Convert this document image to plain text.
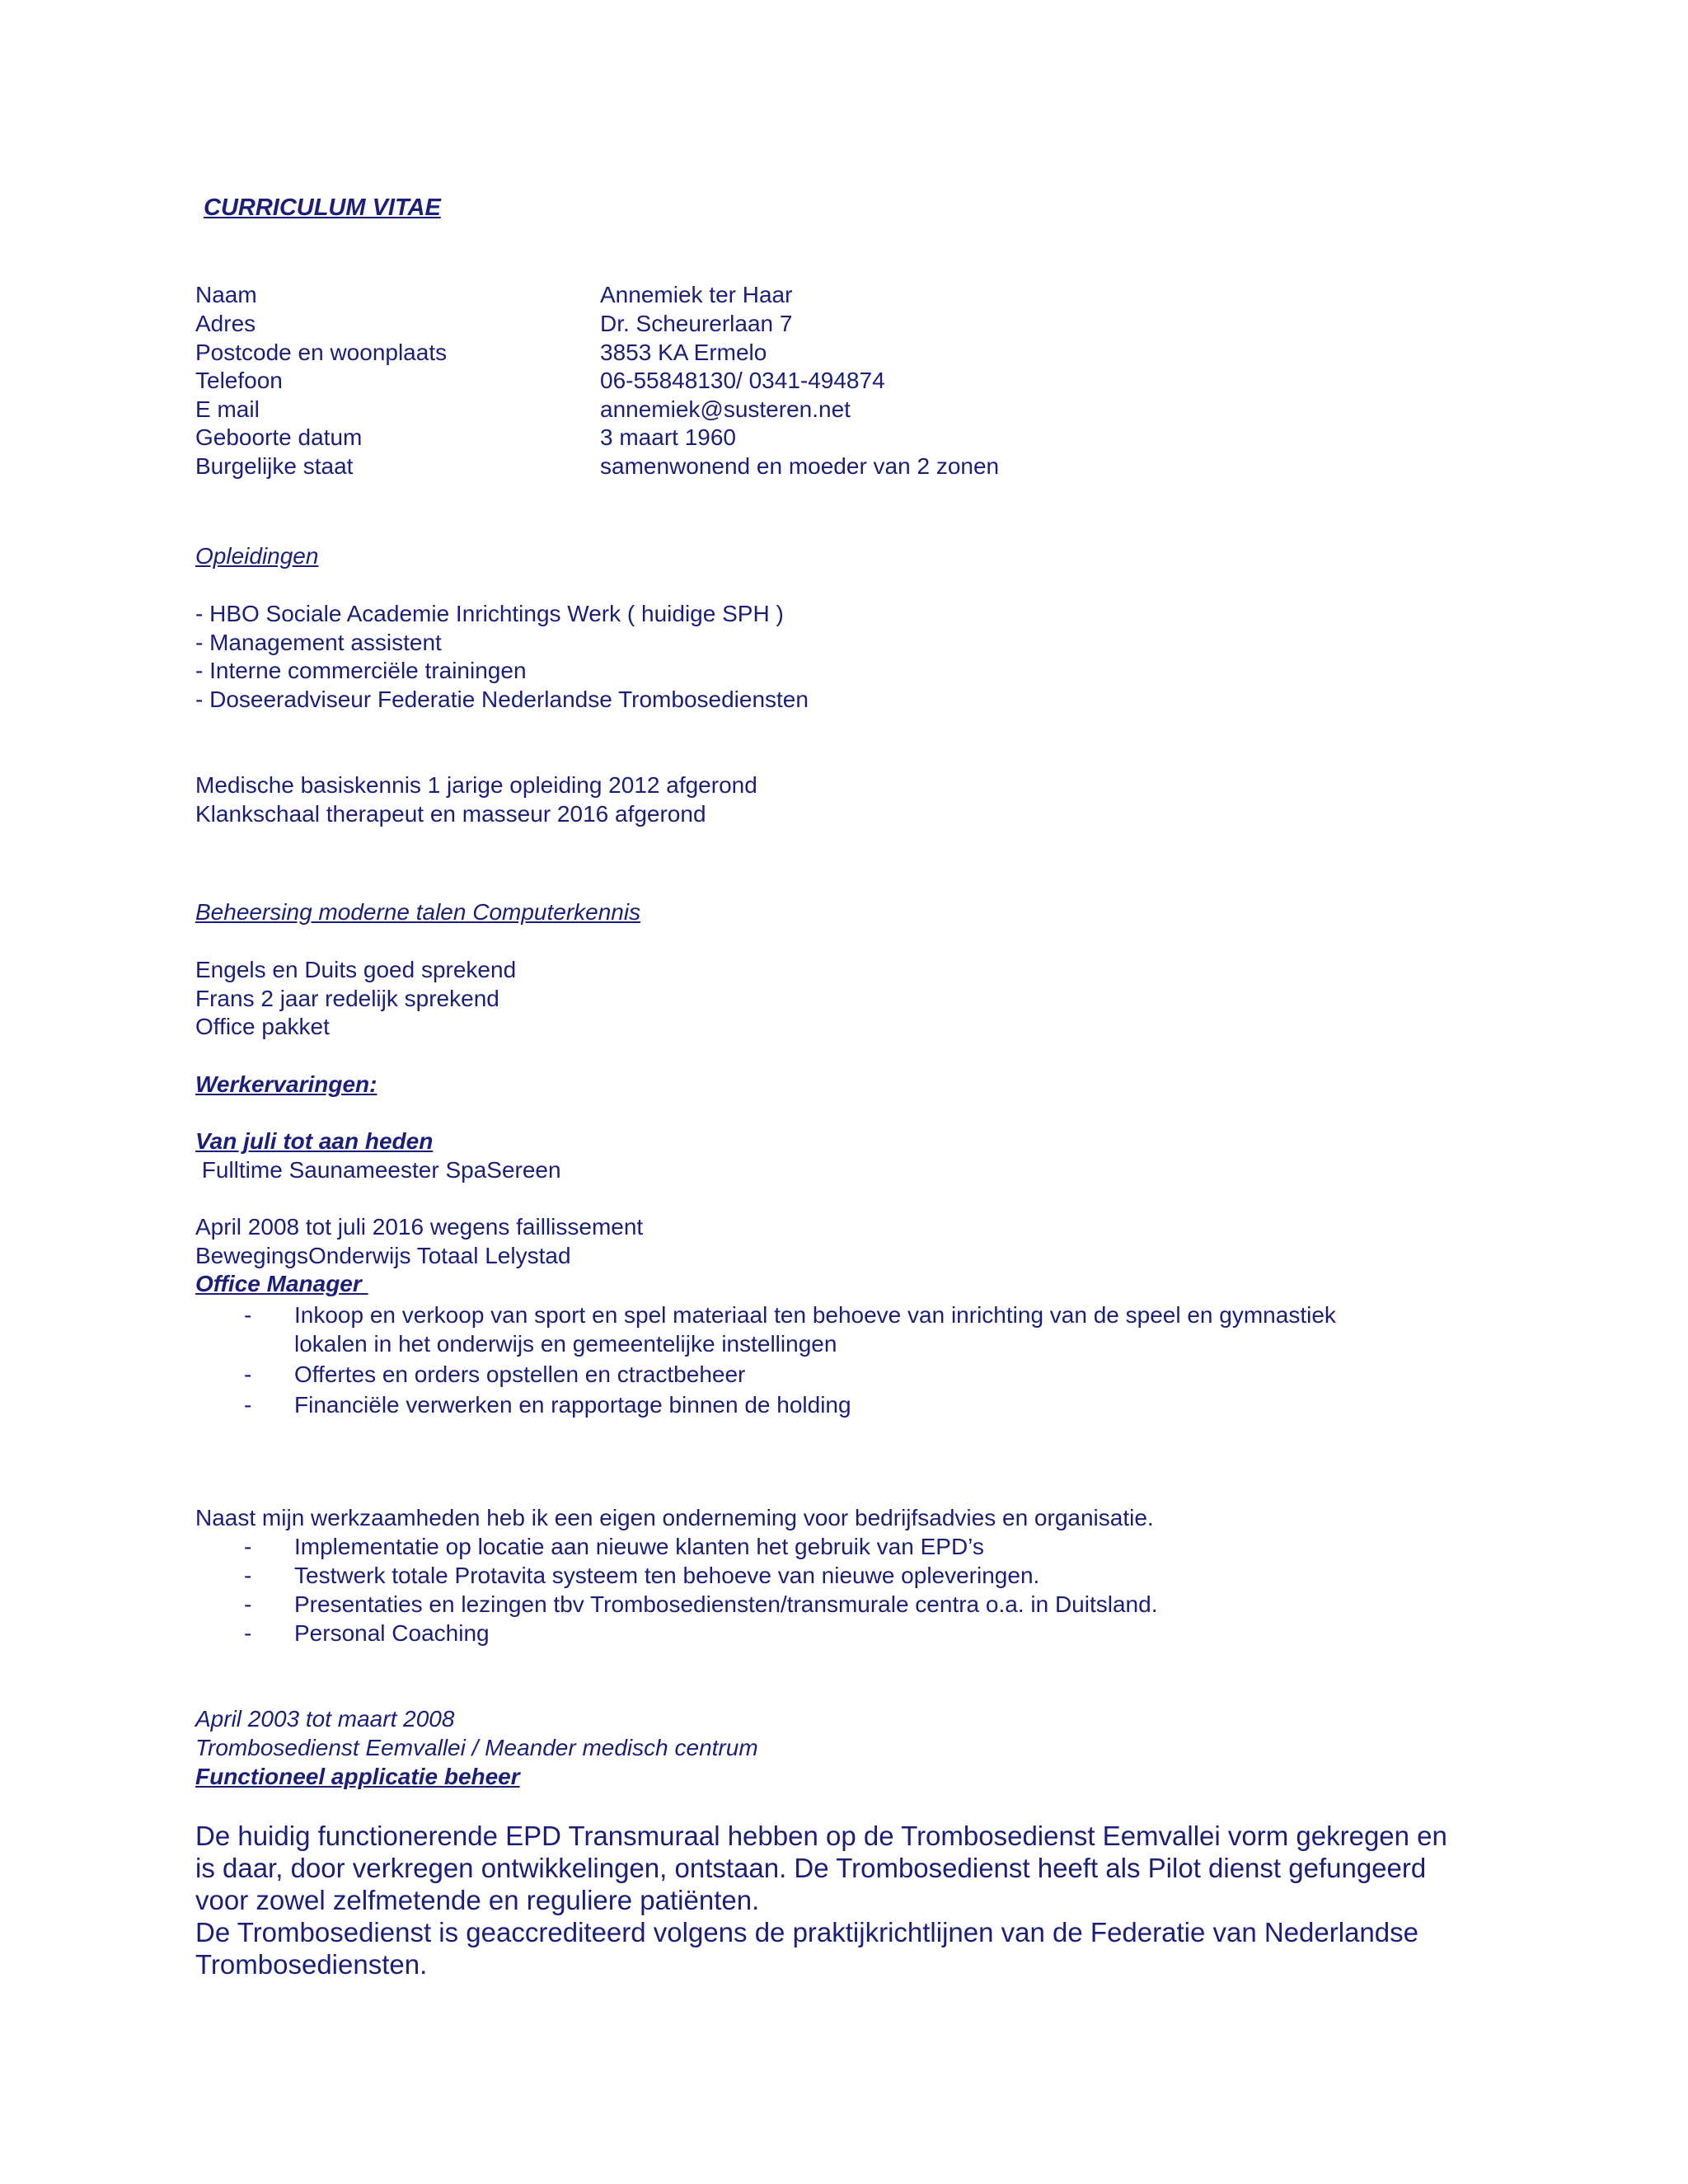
CURRICULUM VITAE
Naam	Annemiek ter Haar
Adres	Dr. Scheurerlaan 7
Postcode en woonplaats	3853 KA Ermelo
Telefoon	06-55848130/ 0341-494874
E mail	annemiek@susteren.net
Geboorte datum	3 maart 1960
Burgelijke staat	samenwonend en moeder van 2 zonen
Opleidingen
- HBO Sociale Academie Inrichtings Werk ( huidige SPH )
- Management assistent
- Interne commerciële trainingen
- Doseeradviseur Federatie Nederlandse Trombosediensten
Medische basiskennis 1 jarige opleiding 2012 afgerond
Klankschaal therapeut en masseur 2016 afgerond
Beheersing moderne talen Computerkennis
Engels en Duits goed sprekend
Frans 2 jaar redelijk sprekend
Office pakket
Werkervaringen:
Van juli tot aan heden
Fulltime Saunameester SpaSereen
April 2008 tot juli 2016 wegens faillissement
BewegingsOnderwijs Totaal Lelystad
Office Manager
- Inkoop en verkoop van sport en spel materiaal ten behoeve van inrichting van de speel en gymnastiek
lokalen in het onderwijs en gemeentelijke instellingen
- Offertes en orders opstellen en ctractbeheer
- Financiële verwerken en rapportage binnen de holding
Naast mijn werkzaamheden heb ik een eigen onderneming voor bedrijfsadvies en organisatie.
- Implementatie op locatie aan nieuwe klanten het gebruik van EPD’s
- Testwerk totale Protavita systeem ten behoeve van nieuwe opleveringen.
- Presentaties en lezingen tbv Trombosediensten/transmurale centra o.a. in Duitsland.
- Personal Coaching
April 2003 tot maart 2008
Trombosedienst Eemvallei / Meander medisch centrum
Functioneel applicatie beheer
De huidig functionerende EPD Transmuraal hebben op de Trombosedienst Eemvallei vorm gekregen en
is daar, door verkregen ontwikkelingen, ontstaan. De Trombosedienst heeft als Pilot dienst gefungeerd
voor zowel zelfmetende en reguliere patiënten.
De Trombosedienst is geaccrediteerd volgens de praktijkrichtlijnen van de Federatie van Nederlandse
Trombosediensten.
